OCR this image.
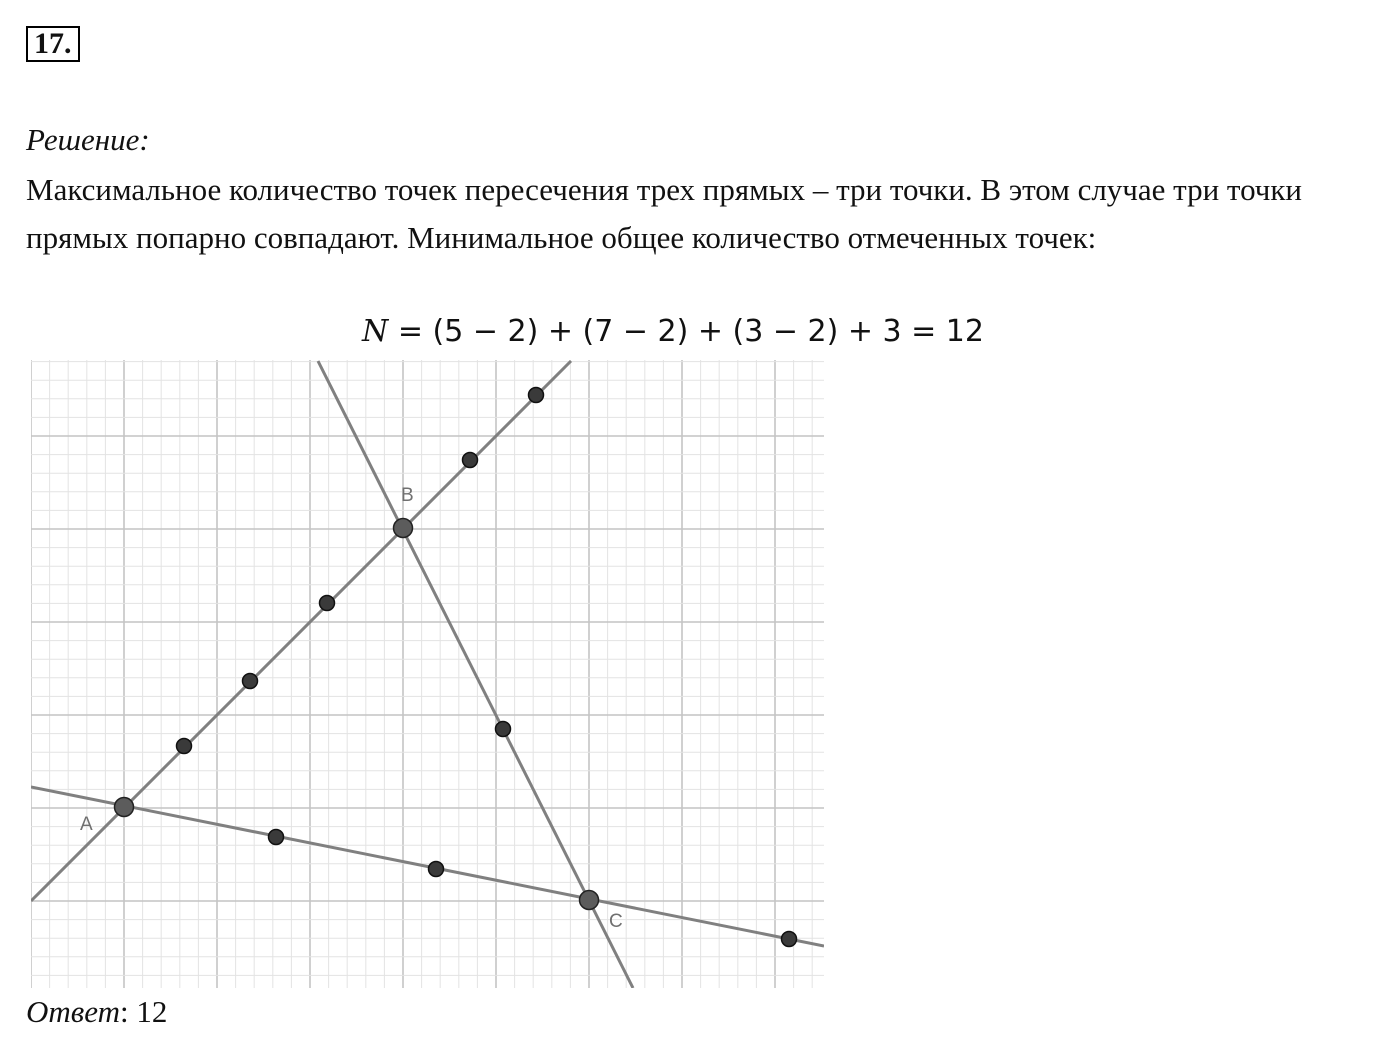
17.
Решение:

Максимальное количество точек пересечения трех прямых – три точки. В этом случае три точки прямых попарно совпадают. Минимальное общее количество отмеченных точек:

N = (5 − 2) + (7 − 2) + (3 − 2) + 3 = 12
A
B
C
Ответ: 12
